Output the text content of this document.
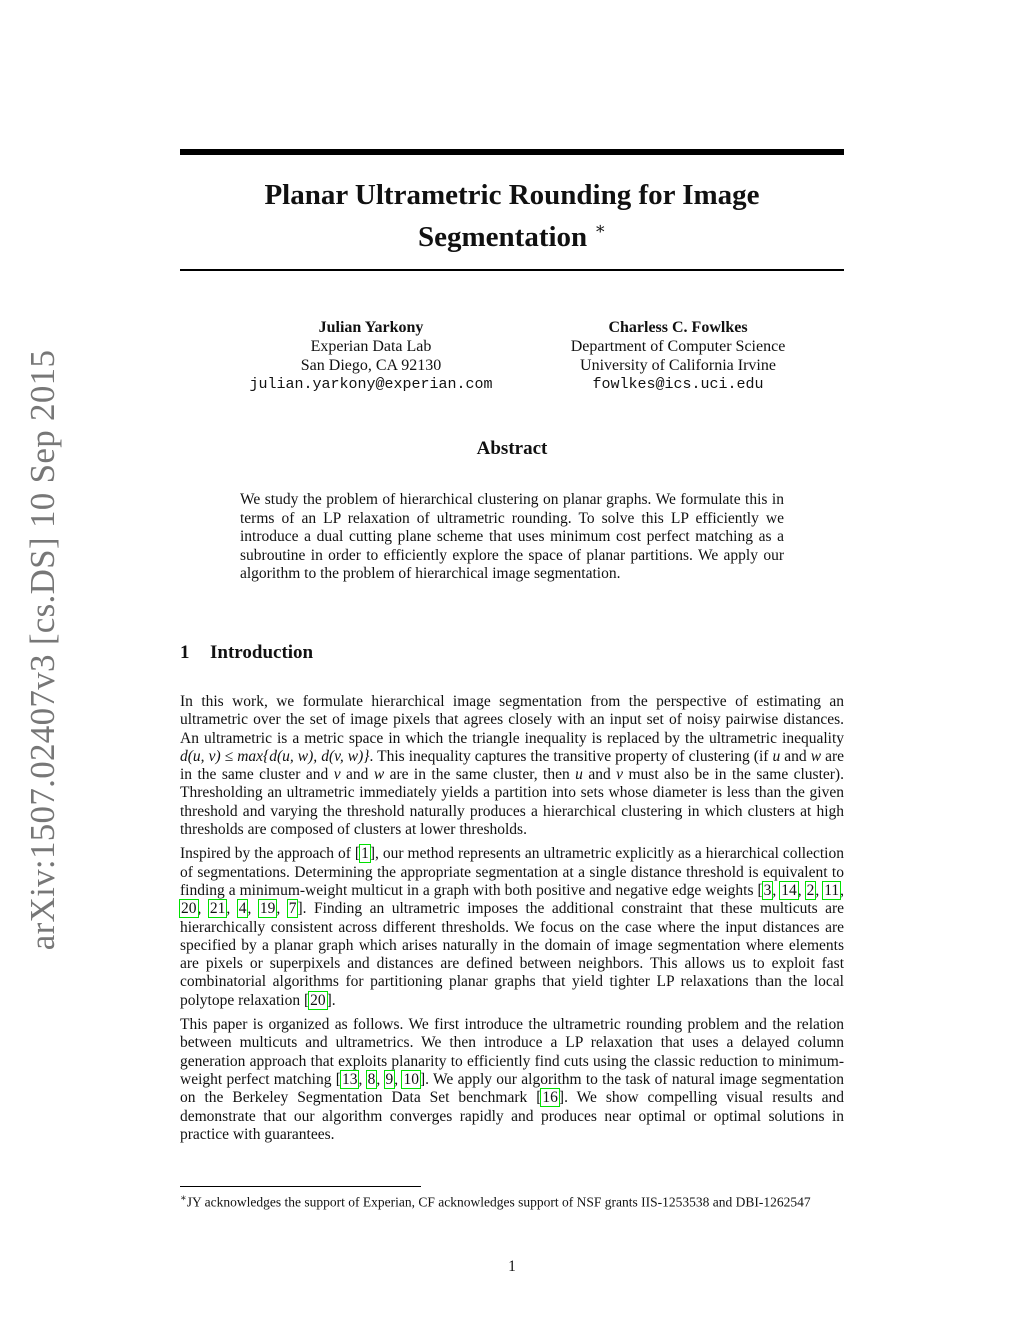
arXiv:1507.02407v3 [cs.DS] 10 Sep 2015
Planar Ultrametric Rounding for Image
Segmentation ∗
Julian Yarkony
Experian Data Lab
San Diego, CA 92130
julian.yarkony@experian.com
Charless C. Fowlkes
Department of Computer Science
University of California Irvine
fowlkes@ics.uci.edu
Abstract

We study the problem of hierarchical clustering on planar graphs. We formulate this in terms of an LP relaxation of ultrametric rounding. To solve this LP efficiently we introduce a dual cutting plane scheme that uses minimum cost perfect matching as a subroutine in order to efficiently explore the space of planar partitions. We apply our algorithm to the problem of hierarchical image segmentation.

1 Introduction

In this work, we formulate hierarchical image segmentation from the perspective of estimating an ultrametric over the set of image pixels that agrees closely with an input set of noisy pairwise distances. An ultrametric is a metric space in which the triangle inequality is replaced by the ultrametric inequality d(u, v) ≤ max{d(u, w), d(v, w)}. This inequality captures the transitive property of clustering (if u and w are in the same cluster and v and w are in the same cluster, then u and v must also be in the same cluster). Thresholding an ultrametric immediately yields a partition into sets whose diameter is less than the given threshold and varying the threshold naturally produces a hierarchical clustering in which clusters at high thresholds are composed of clusters at lower thresholds.

Inspired by the approach of [1], our method represents an ultrametric explicitly as a hierarchical collection of segmentations. Determining the appropriate segmentation at a single distance threshold is equivalent to finding a minimum-weight multicut in a graph with both positive and negative edge weights [3, 14, 2, 11, 20, 21, 4, 19, 7]. Finding an ultrametric imposes the additional constraint that these multicuts are hierarchically consistent across different thresholds. We focus on the case where the input distances are specified by a planar graph which arises naturally in the domain of image segmentation where elements are pixels or superpixels and distances are defined between neighbors. This allows us to exploit fast combinatorial algorithms for partitioning planar graphs that yield tighter LP relaxations than the local polytope relaxation [20].

This paper is organized as follows. We first introduce the ultrametric rounding problem and the relation between multicuts and ultrametrics. We then introduce a LP relaxation that uses a delayed column generation approach that exploits planarity to efficiently find cuts using the classic reduction to minimum-weight perfect matching [13, 8, 9, 10]. We apply our algorithm to the task of natural image segmentation on the Berkeley Segmentation Data Set benchmark [16]. We show compelling visual results and demonstrate that our algorithm converges rapidly and produces near optimal or optimal solutions in practice with guarantees.

∗JY acknowledges the support of Experian, CF acknowledges support of NSF grants IIS-1253538 and DBI-1262547

1
